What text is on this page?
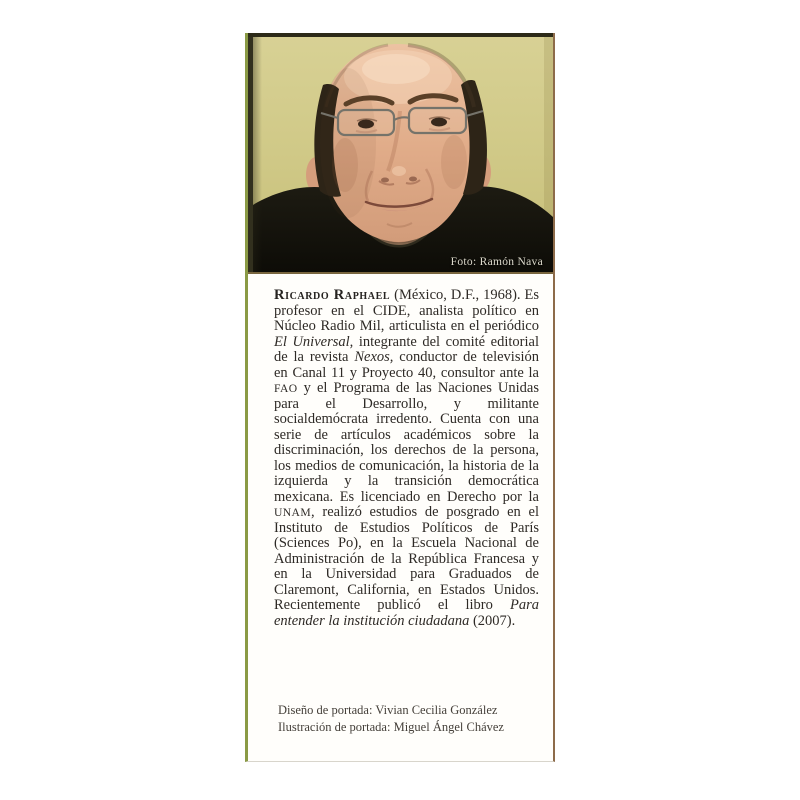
Foto: Ramón Nava

Ricardo Raphael (México, D.F., 1968). Es profesor en el CIDE, analista político en Núcleo Radio Mil, articulista en el periódico El Universal, integrante del comité editorial de la revista Nexos, conductor de televisión en Canal 11 y Proyecto 40, consultor ante la FAO y el Programa de las Naciones Unidas para el Desarrollo, y militante socialdemócrata irredento. Cuenta con una serie de artículos académicos sobre la discriminación, los derechos de la persona, los medios de comunicación, la historia de la izquierda y la transición democrática mexicana. Es licenciado en Derecho por la UNAM, realizó estudios de posgrado en el Instituto de Estudios Políticos de París (Sciences Po), en la Escuela Nacional de Administración de la República Francesa y en la Universidad para Graduados de Claremont, California, en Estados Unidos. Recientemente publicó el libro Para entender la institución ciudadana (2007).

Diseño de portada: Vivian Cecilia González
Ilustración de portada: Miguel Ángel Chávez
